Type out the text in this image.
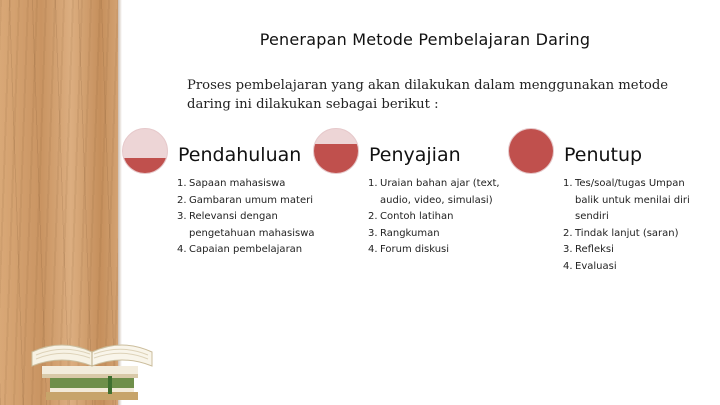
Penerapan Metode Pembelajaran Daring
Proses pembelajaran yang akan dilakukan dalam menggunakan metode daring ini dilakukan sebagai berikut :
Pendahuluan
1. Sapaan mahasiswa
2. Gambaran umum materi
3. Relevansi dengan pengetahuan mahasiswa
4. Capaian pembelajaran
Penyajian
1. Uraian bahan ajar (text, audio, video, simulasi)
2. Contoh latihan
3. Rangkuman
4. Forum diskusi
Penutup
1. Tes/soal/tugas Umpan balik untuk menilai diri sendiri
2. Tindak lanjut (saran)
3. Refleksi
4. Evaluasi
